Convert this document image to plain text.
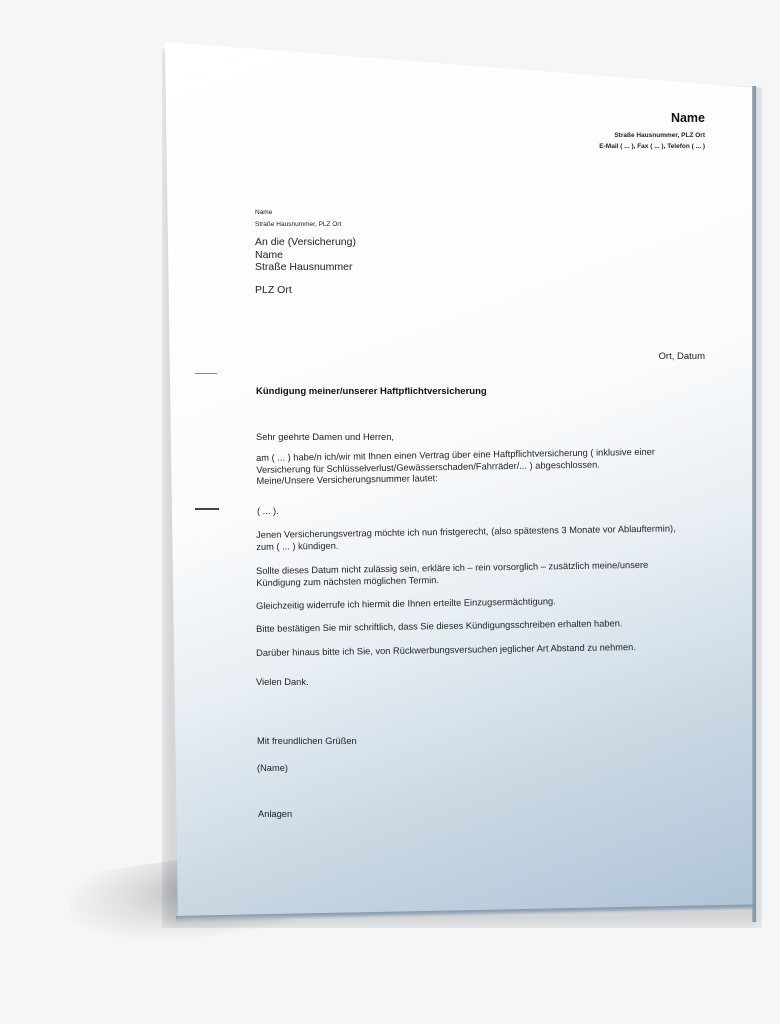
Name
Straße Hausnummer, PLZ Ort
E-Mail ( ... ), Fax ( ... ), Telefon ( ... )
Name
Straße Hausnummer, PLZ Ort
An die (Versicherung)
Name
Straße Hausnummer
PLZ Ort
Ort, Datum
Kündigung meiner/unserer Haftpflichtversicherung
Sehr geehrte Damen und Herren,
am ( ... ) habe/n ich/wir mit Ihnen einen Vertrag über eine Haftpflichtversicherung ( inklusive einer
Versicherung für Schlüsselverlust/Gewässerschaden/Fahrräder/... ) abgeschlossen.
Meine/Unsere Versicherungsnummer lautet:
( ... ).
Jenen Versicherungsvertrag möchte ich nun fristgerecht, (also spätestens 3 Monate vor Ablauftermin),
zum ( ... ) kündigen.
Sollte dieses Datum nicht zulässig sein, erkläre ich – rein vorsorglich – zusätzlich meine/unsere
Kündigung zum nächsten möglichen Termin.
Gleichzeitig widerrufe ich hiermit die Ihnen erteilte Einzugsermächtigung.
Bitte bestätigen Sie mir schriftlich, dass Sie dieses Kündigungsschreiben erhalten haben.
Darüber hinaus bitte ich Sie, von Rückwerbungsversuchen jeglicher Art Abstand zu nehmen.
Vielen Dank.
Mit freundlichen Grüßen
(Name)
Anlagen
